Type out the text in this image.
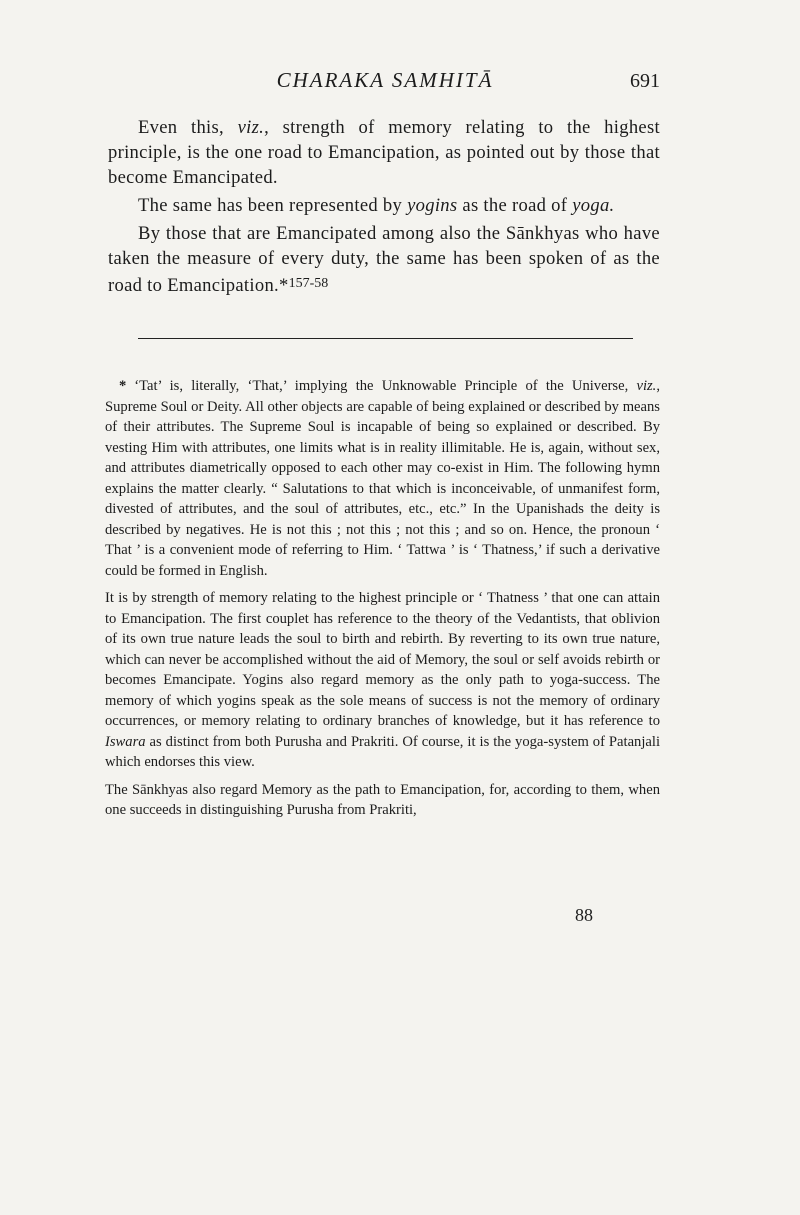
CHARAKA SAMHITĀ	691

Even this, viz., strength of memory relating to the highest principle, is the one road to Emancipation, as pointed out by those that become Emancipated.

The same has been represented by yogins as the road of yoga.

By those that are Emancipated among also the Sānkhyas who have taken the measure of every duty, the same has been spoken of as the road to Emancipation.*$^{157-58}$

* ‘Tat’ is, literally, ‘That,’ implying the Unknowable Principle of the Universe, viz., Supreme Soul or Deity. All other objects are capable of being explained or described by means of their attributes. The Supreme Soul is incapable of being so explained or described. By vesting Him with attributes, one limits what is in reality illimitable. He is, again, without sex, and attributes diametrically opposed to each other may co-exist in Him. The following hymn explains the matter clearly. “ Salutations to that which is inconceivable, of unmanifest form, divested of attributes, and the soul of attributes, etc., etc.” In the Upanishads the deity is described by negatives. He is not this ; not this ; not this ; and so on. Hence, the pronoun ‘ That ’ is a convenient mode of referring to Him. ‘ Tattwa ’ is ‘ Thatness,’ if such a derivative could be formed in English.

It is by strength of memory relating to the highest principle or ‘ Thatness ’ that one can attain to Emancipation. The first couplet has reference to the theory of the Vedantists, that oblivion of its own true nature leads the soul to birth and rebirth. By reverting to its own true nature, which can never be accomplished without the aid of Memory, the soul or self avoids rebirth or becomes Emancipate. Yogins also regard memory as the only path to yoga-success. The memory of which yogins speak as the sole means of success is not the memory of ordinary occurrences, or memory relating to ordinary branches of knowledge, but it has reference to Iswara as distinct from both Purusha and Prakriti. Of course, it is the yoga-system of Patanjali which endorses this view.

The Sānkhyas also regard Memory as the path to Emancipation, for, according to them, when one succeeds in distinguishing Purusha from Prakriti,

88
